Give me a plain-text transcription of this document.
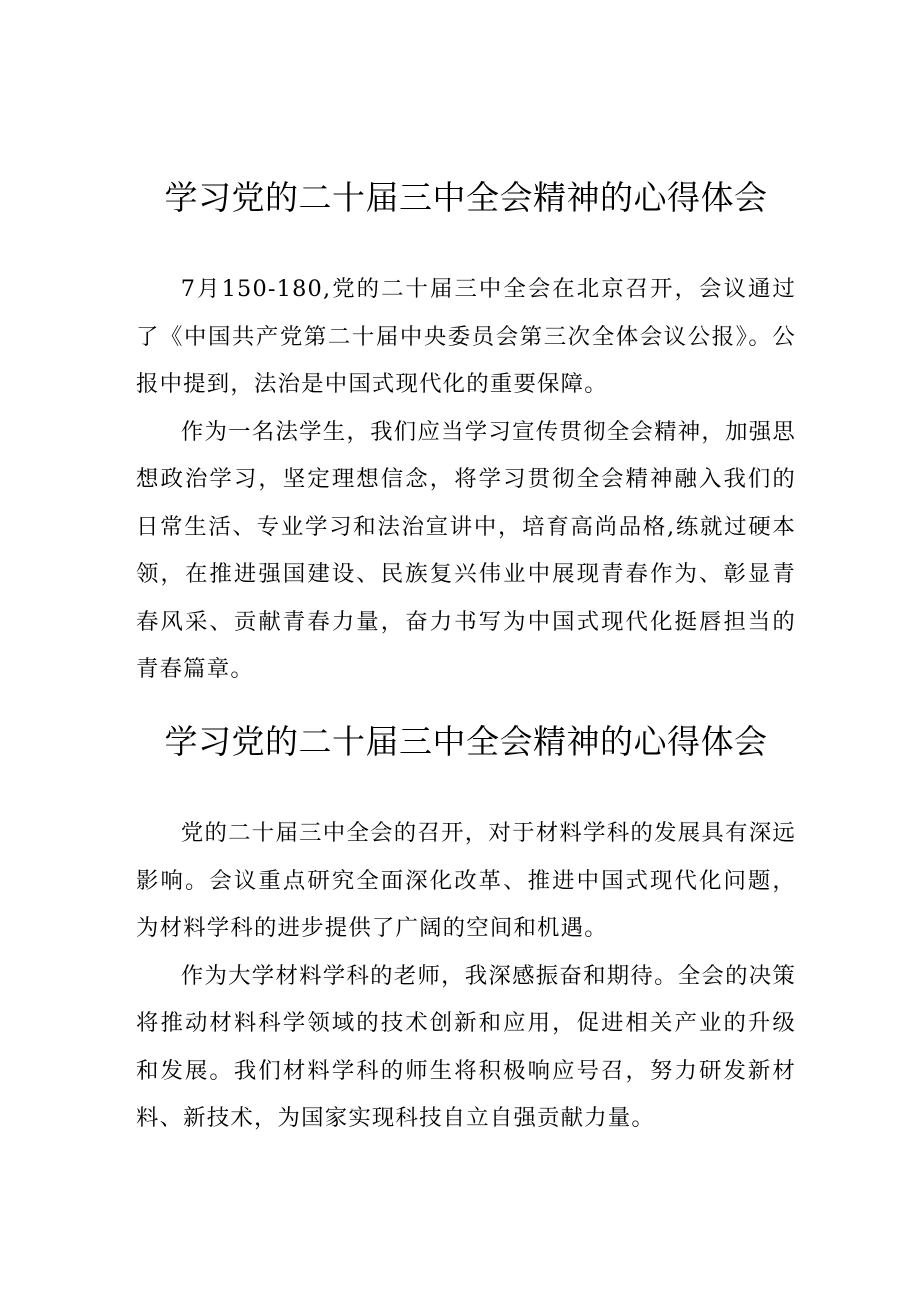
学习党的二十届三中全会精神的心得体会

7月150-180,党的二十届三中全会在北京召开，会议通过了《中国共产党第二十届中央委员会第三次全体会议公报》。公报中提到，法治是中国式现代化的重要保障。

作为一名法学生，我们应当学习宣传贯彻全会精神，加强思想政治学习，坚定理想信念，将学习贯彻全会精神融入我们的日常生活、专业学习和法治宣讲中，培育高尚品格,练就过硬本领，在推进强国建设、民族复兴伟业中展现青春作为、彰显青春风采、贡献青春力量，奋力书写为中国式现代化挺唇担当的青春篇章。

学习党的二十届三中全会精神的心得体会

党的二十届三中全会的召开，对于材料学科的发展具有深远影响。会议重点研究全面深化改革、推进中国式现代化问题，为材料学科的进步提供了广阔的空间和机遇。

作为大学材料学科的老师，我深感振奋和期待。全会的决策将推动材料科学领域的技术创新和应用，促进相关产业的升级和发展。我们材料学科的师生将积极响应号召，努力研发新材料、新技术，为国家实现科技自立自强贡献力量。
